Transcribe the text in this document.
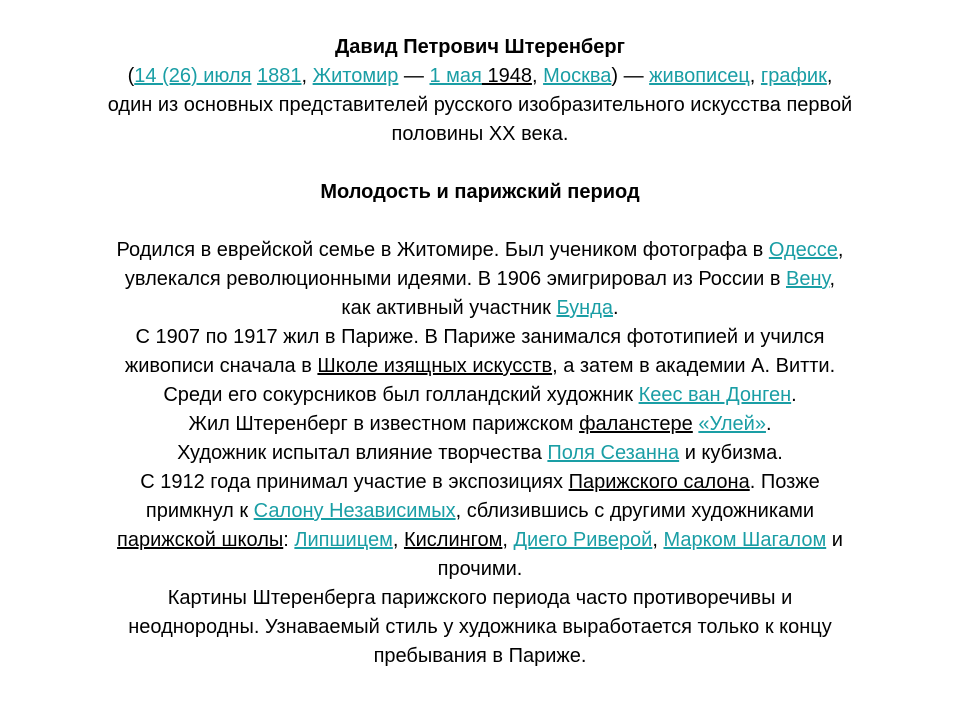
Давид Петрович Штеренберг
(14 (26) июля 1881, Житомир — 1 мая 1948, Москва) — живописец, график,
один из основных представителей русского изобразительного искусства первой
половины XX века.
Молодость и парижский период
Родился в еврейской семье в Житомире. Был учеником фотографа в Одессе,
увлекался революционными идеями. В 1906 эмигрировал из России в Вену,
как активный участник Бунда.
С 1907 по 1917 жил в Париже. В Париже занимался фототипией и учился
живописи сначала в Школе изящных искусств, а затем в академии А. Витти.
Среди его сокурсников был голландский художник Кеес ван Донген.
Жил Штеренберг в известном парижском фаланстере «Улей».
Художник испытал влияние творчества Поля Сезанна и кубизма.
С 1912 года принимал участие в экспозициях Парижского салона. Позже
примкнул к Салону Независимых, сблизившись с другими художниками
парижской школы: Липшицем, Кислингом, Диего Риверой, Марком Шагалом и
прочими.
Картины Штеренберга парижского периода часто противоречивы и
неоднородны. Узнаваемый стиль у художника выработается только к концу
пребывания в Париже.
